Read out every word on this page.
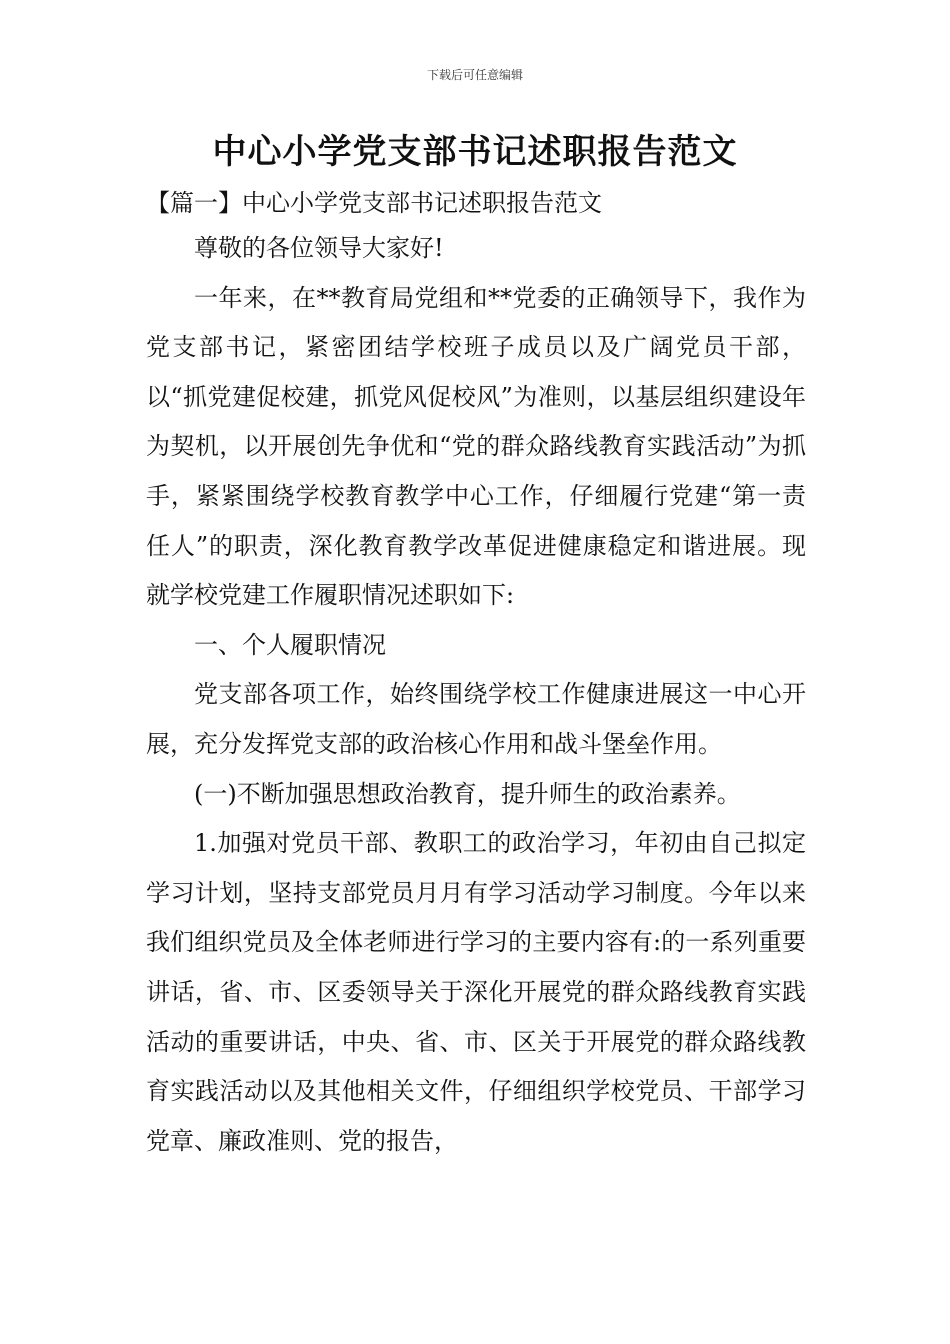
下载后可任意编辑
中心小学党支部书记述职报告范文
【篇一】中心小学党支部书记述职报告范文

尊敬的各位领导大家好!

一年来，在**教育局党组和**党委的正确领导下，我作为党支部书记，紧密团结学校班子成员以及广阔党员干部，以“抓党建促校建，抓党风促校风”为准则，以基层组织建设年为契机，以开展创先争优和“党的群众路线教育实践活动”为抓手，紧紧围绕学校教育教学中心工作，仔细履行党建“第一责任人”的职责，深化教育教学改革促进健康稳定和谐进展。现就学校党建工作履职情况述职如下:

一、个人履职情况

党支部各项工作，始终围绕学校工作健康进展这一中心开展，充分发挥党支部的政治核心作用和战斗堡垒作用。

(一)不断加强思想政治教育，提升师生的政治素养。

1.加强对党员干部、教职工的政治学习，年初由自己拟定学习计划，坚持支部党员月月有学习活动学习制度。今年以来我们组织党员及全体老师进行学习的主要内容有:的一系列重要讲话，省、市、区委领导关于深化开展党的群众路线教育实践活动的重要讲话，中央、省、市、区关于开展党的群众路线教育实践活动以及其他相关文件，仔细组织学校党员、干部学习党章、廉政准则、党的报告，
